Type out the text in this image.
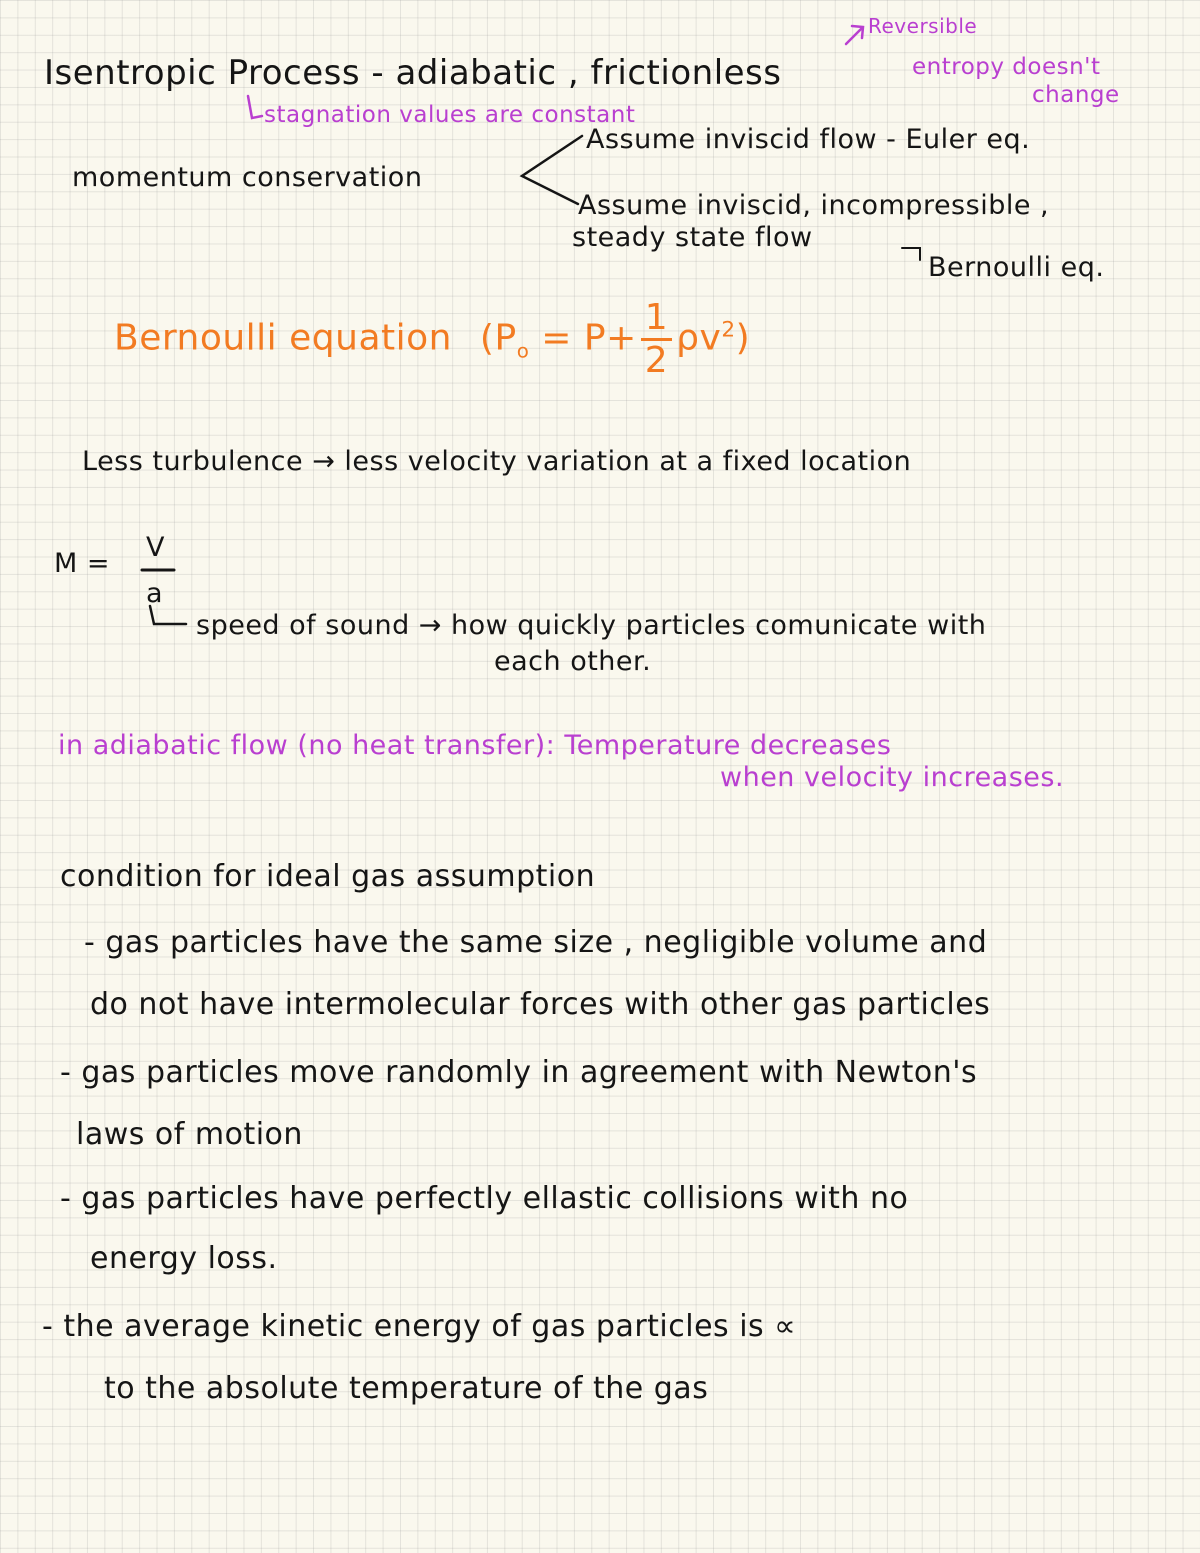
Isentropic Process - adiabatic , frictionless
Reversible
entropy doesn't
change
stagnation values are constant
momentum conservation
Assume inviscid flow - Euler eq.
Assume inviscid, incompressible ,
steady state flow
Bernoulli eq.
Bernoulli equation $(P_o = P+ \frac{1}{2} \rho v^2)$
Less turbulence → less velocity variation at a fixed location
M =
V
a
speed of sound → how quickly particles comunicate with
each other.
in adiabatic flow (no heat transfer): Temperature decreases
when velocity increases.
condition for ideal gas assumption
- gas particles have the same size , negligible volume and
do not have intermolecular forces with other gas particles
- gas particles move randomly in agreement with Newton's
laws of motion
- gas particles have perfectly ellastic collisions with no
energy loss.
- the average kinetic energy of gas particles is ∝
to the absolute temperature of the gas
